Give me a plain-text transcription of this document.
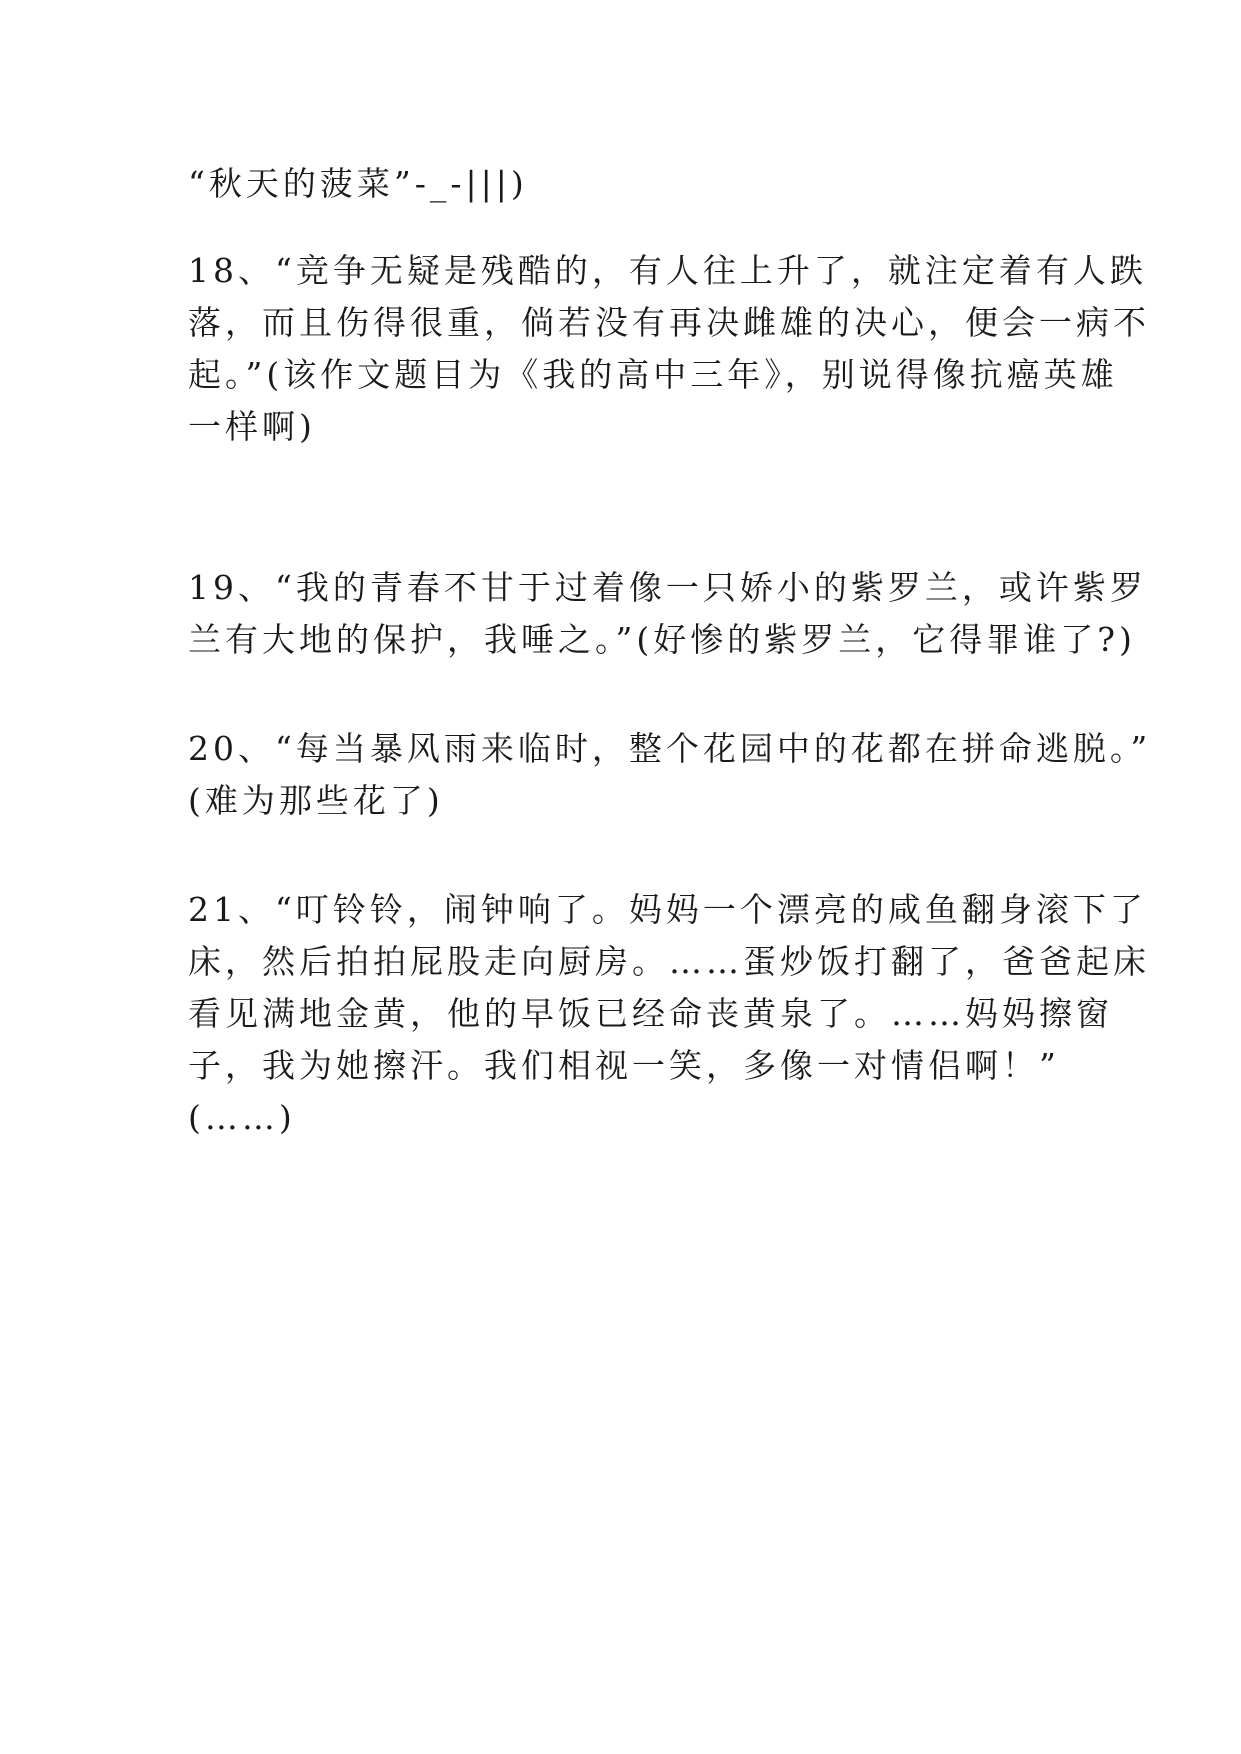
“秋天的菠菜”-_-|||)
18、“竞争无疑是残酷的，有人往上升了，就注定着有人跌
落，而且伤得很重，倘若没有再决雌雄的决心，便会一病不
起。”(该作文题目为《我的高中三年》，别说得像抗癌英雄
一样啊)
19、“我的青春不甘于过着像一只娇小的紫罗兰，或许紫罗
兰有大地的保护，我唾之。”(好惨的紫罗兰，它得罪谁了?)
20、“每当暴风雨来临时，整个花园中的花都在拼命逃脱。”
(难为那些花了)
21、“叮铃铃，闹钟响了。妈妈一个漂亮的咸鱼翻身滚下了
床，然后拍拍屁股走向厨房。……蛋炒饭打翻了，爸爸起床
看见满地金黄，他的早饭已经命丧黄泉了。……妈妈擦窗
子，我为她擦汗。我们相视一笑，多像一对情侣啊！”
(……)
